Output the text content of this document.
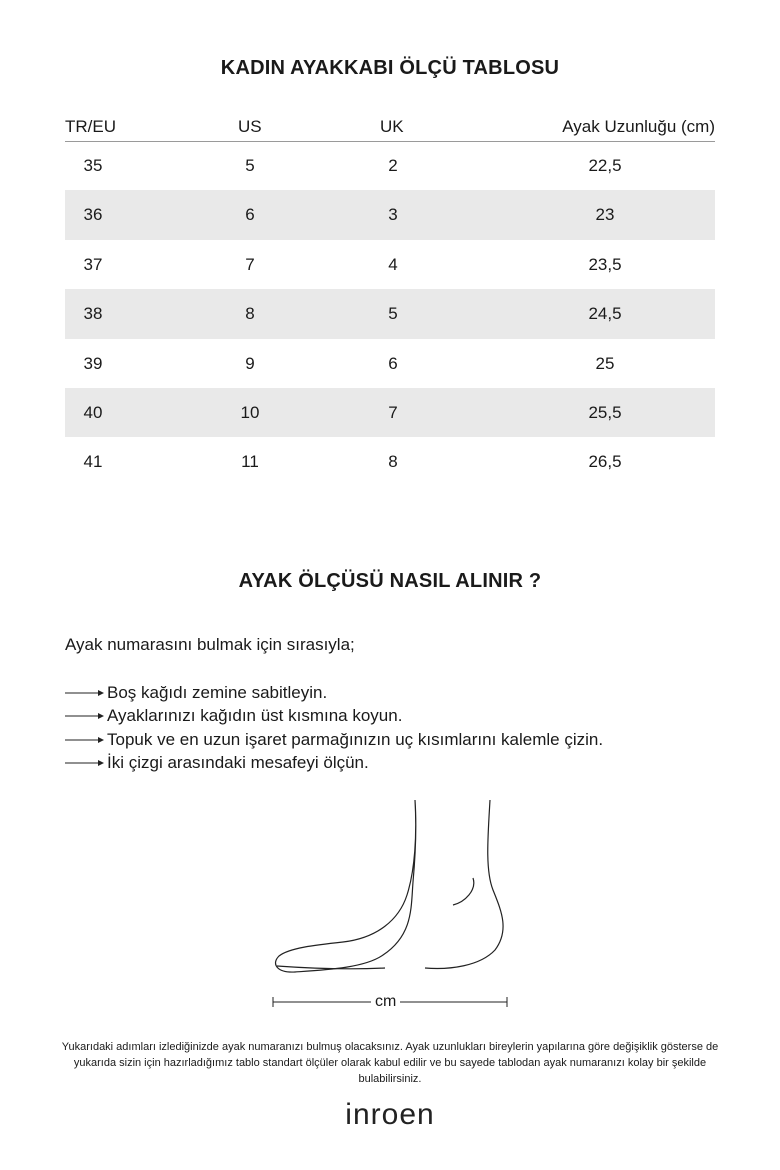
KADIN AYAKKABI ÖLÇÜ TABLOSU
TR/EU	US	UK	Ayak Uzunluğu (cm)
35	5	2	22,5
36	6	3	23
37	7	4	23,5
38	8	5	24,5
39	9	6	25
40	10	7	25,5
41	11	8	26,5
AYAK ÖLÇÜSÜ NASIL ALINIR ?
Ayak numarasını bulmak için sırasıyla;
Boş kağıdı zemine sabitleyin.
Ayaklarınızı kağıdın üst kısmına koyun.
Topuk ve en uzun işaret parmağınızın uç kısımlarını kalemle çizin.
İki çizgi arasındaki mesafeyi ölçün.
cm
Yukarıdaki adımları izlediğinizde ayak numaranızı bulmuş olacaksınız. Ayak uzunlukları bireylerin yapılarına göre değişiklik gösterse de yukarıda sizin için hazırladığımız tablo standart ölçüler olarak kabul edilir ve bu sayede tablodan ayak numaranızı kolay bir şekilde bulabilirsiniz.
inroen
